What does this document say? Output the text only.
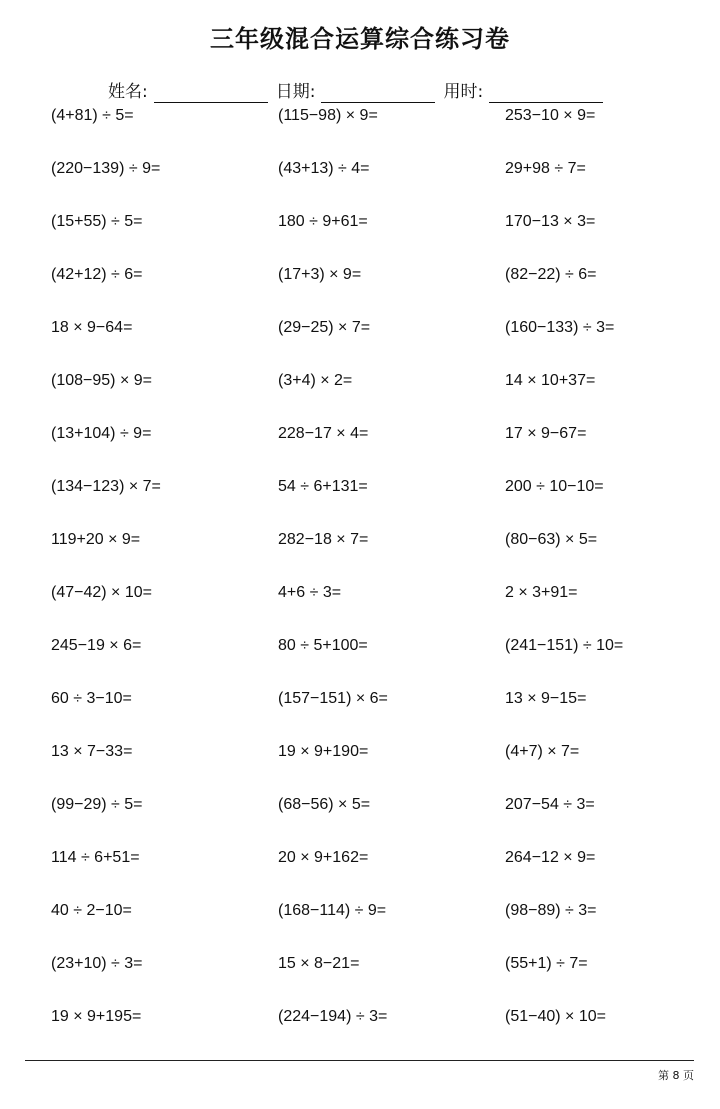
三年级混合运算综合练习卷
姓名:	日期:	用时:
(4+81) ÷ 5=	(115−98) × 9=	253−10 × 9=
(220−139) ÷ 9=	(43+13) ÷ 4=	29+98 ÷ 7=
(15+55) ÷ 5=	180 ÷ 9+61=	170−13 × 3=
(42+12) ÷ 6=	(17+3) × 9=	(82−22) ÷ 6=
18 × 9−64=	(29−25) × 7=	(160−133) ÷ 3=
(108−95) × 9=	(3+4) × 2=	14 × 10+37=
(13+104) ÷ 9=	228−17 × 4=	17 × 9−67=
(134−123) × 7=	54 ÷ 6+131=	200 ÷ 10−10=
119+20 × 9=	282−18 × 7=	(80−63) × 5=
(47−42) × 10=	4+6 ÷ 3=	2 × 3+91=
245−19 × 6=	80 ÷ 5+100=	(241−151) ÷ 10=
60 ÷ 3−10=	(157−151) × 6=	13 × 9−15=
13 × 7−33=	19 × 9+190=	(4+7) × 7=
(99−29) ÷ 5=	(68−56) × 5=	207−54 ÷ 3=
114 ÷ 6+51=	20 × 9+162=	264−12 × 9=
40 ÷ 2−10=	(168−114) ÷ 9=	(98−89) ÷ 3=
(23+10) ÷ 3=	15 × 8−21=	(55+1) ÷ 7=
19 × 9+195=	(224−194) ÷ 3=	(51−40) × 10=
第 8 页
